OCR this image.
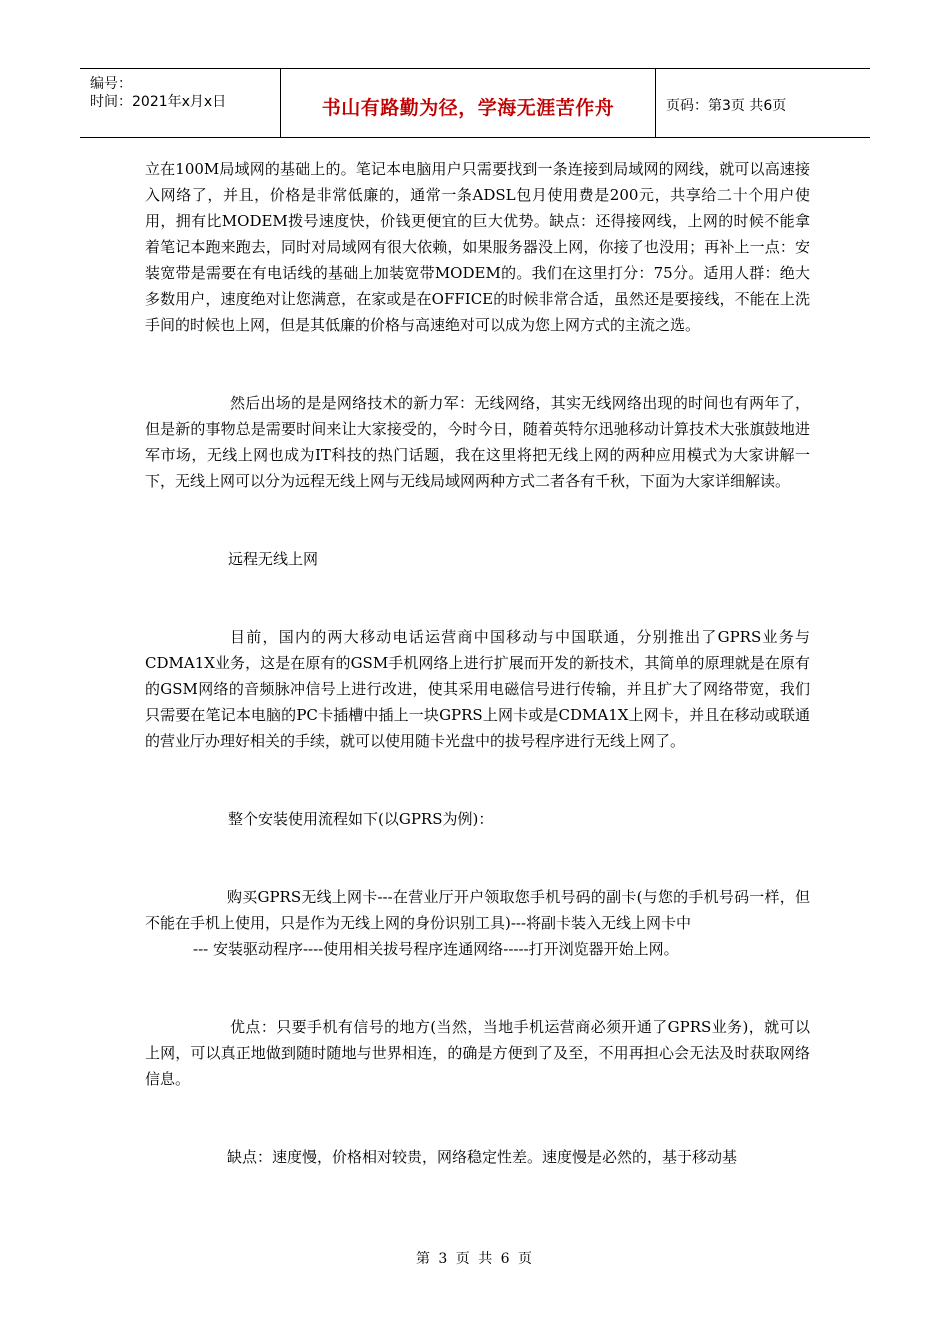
编号：
时间：2021年x月x日	书山有路勤为径，学海无涯苦作舟	页码：第3页 共6页

立在100M局域网的基础上的。笔记本电脑用户只需要找到一条连接到局域网的网线，就可以高速接入网络了，并且，价格是非常低廉的，通常一条ADSL包月使用费是200元，共享给二十个用户使用，拥有比MODEM拨号速度快，价钱更便宜的巨大优势。缺点：还得接网线，上网的时候不能拿着笔记本跑来跑去，同时对局域网有很大依赖，如果服务器没上网，你接了也没用；再补上一点：安装宽带是需要在有电话线的基础上加装宽带MODEM的。我们在这里打分：75分。适用人群：绝大多数用户，速度绝对让您满意，在家或是在OFFICE的时候非常合适，虽然还是要接线，不能在上洗手间的时候也上网，但是其低廉的价格与高速绝对可以成为您上网方式的主流之选。

然后出场的是是网络技术的新力军：无线网络，其实无线网络出现的时间也有两年了，但是新的事物总是需要时间来让大家接受的，今时今日，随着英特尔迅驰移动计算技术大张旗鼓地进军市场，无线上网也成为IT科技的热门话题，我在这里将把无线上网的两种应用模式为大家讲解一下，无线上网可以分为远程无线上网与无线局域网两种方式二者各有千秋，下面为大家详细解读。

远程无线上网

目前，国内的两大移动电话运营商中国移动与中国联通，分别推出了GPRS业务与CDMA1X业务，这是在原有的GSM手机网络上进行扩展而开发的新技术，其简单的原理就是在原有的GSM网络的音频脉冲信号上进行改进，使其采用电磁信号进行传输，并且扩大了网络带宽，我们只需要在笔记本电脑的PC卡插槽中插上一块GPRS上网卡或是CDMA1X上网卡，并且在移动或联通的营业厅办理好相关的手续，就可以使用随卡光盘中的拔号程序进行无线上网了。

整个安装使用流程如下(以GPRS为例)：

购买GPRS无线上网卡---在营业厅开户领取您手机号码的副卡(与您的手机号码一样，但不能在手机上使用，只是作为无线上网的身份识别工具)---将副卡装入无线上网卡中

--- 安装驱动程序----使用相关拔号程序连通网络-----打开浏览器开始上网。

优点：只要手机有信号的地方(当然，当地手机运营商必须开通了GPRS业务)，就可以上网，可以真正地做到随时随地与世界相连，的确是方便到了及至，不用再担心会无法及时获取网络信息。

缺点：速度慢，价格相对较贵，网络稳定性差。速度慢是必然的，基于移动基

第 3 页 共 6 页
